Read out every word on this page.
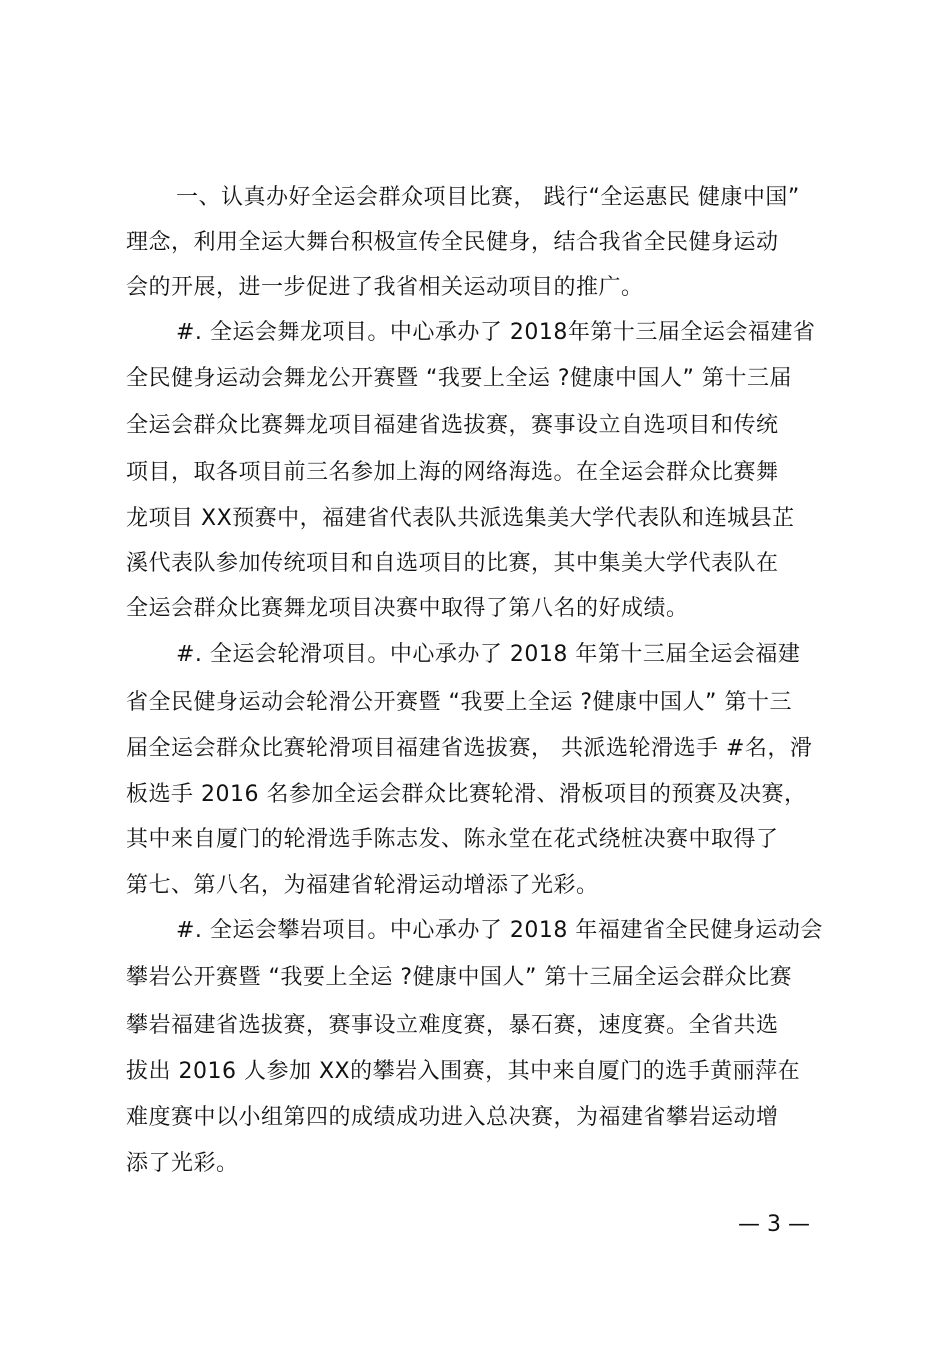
一、认真办好全运会群众项目比赛， 践行“全运惠民 健康中国”
理念，利用全运大舞台积极宣传全民健身，结合我省全民健身运动
会的开展，进一步促进了我省相关运动项目的推广。
#. 全运会舞龙项目。中心承办了 2018年第十三届全运会福建省
全民健身运动会舞龙公开赛暨 “我要上全运 ?健康中国人” 第十三届
全运会群众比赛舞龙项目福建省选拔赛，赛事设立自选项目和传统
项目，取各项目前三名参加上海的网络海选。在全运会群众比赛舞
龙项目 XX预赛中，福建省代表队共派选集美大学代表队和连城县芷
溪代表队参加传统项目和自选项目的比赛，其中集美大学代表队在
全运会群众比赛舞龙项目决赛中取得了第八名的好成绩。
#. 全运会轮滑项目。中心承办了 2018 年第十三届全运会福建
省全民健身运动会轮滑公开赛暨 “我要上全运 ?健康中国人” 第十三
届全运会群众比赛轮滑项目福建省选拔赛， 共派选轮滑选手 #名，滑
板选手 2016 名参加全运会群众比赛轮滑、滑板项目的预赛及决赛，
其中来自厦门的轮滑选手陈志发、陈永堂在花式绕桩决赛中取得了
第七、第八名，为福建省轮滑运动增添了光彩。
#. 全运会攀岩项目。中心承办了 2018 年福建省全民健身运动会
攀岩公开赛暨 “我要上全运 ?健康中国人” 第十三届全运会群众比赛
攀岩福建省选拔赛，赛事设立难度赛，暴石赛，速度赛。全省共选
拔出 2016 人参加 XX的攀岩入围赛，其中来自厦门的选手黄丽萍在
难度赛中以小组第四的成绩成功进入总决赛，为福建省攀岩运动增
添了光彩。
— 3 —
